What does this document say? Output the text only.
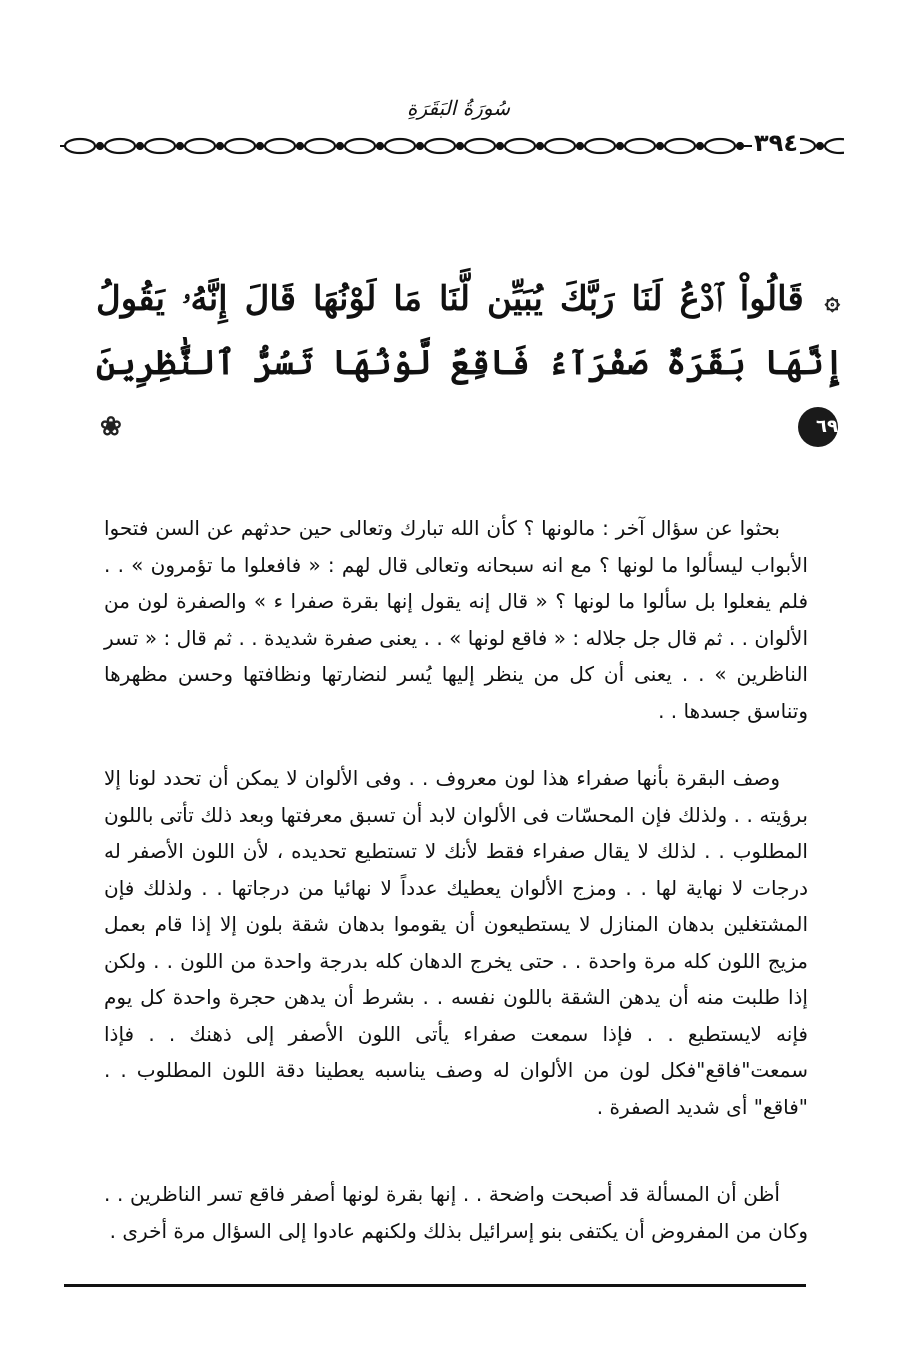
سُورَةُ البَقَرَةِ
٣٩٤
۞ قَالُواْ ٱدْعُ لَنَا رَبَّكَ يُبَيِّن لَّنَا مَا لَوْنُهَا قَالَ إِنَّهُۥ يَقُولُ
إِنَّهَا بَقَرَةٌ صَفْرَآءُ فَاقِعٌ لَّوْنُهَا تَسُرُّ ٱلنَّٰظِرِينَ ٦٩ ❀

بحثوا عن سؤال آخر : مالونها ؟ كأن الله تبارك وتعالى حين حدثهم عن السن فتحوا الأبواب ليسألوا ما لونها ؟ مع انه سبحانه وتعالى قال لهم : « فافعلوا ما تؤمرون » . . فلم يفعلوا بل سألوا ما لونها ؟ « قال إنه يقول إنها بقرة صفرا ء » والصفرة لون من الألوان . . ثم قال جل جلاله : « فاقع لونها » . . يعنى صفرة شديدة . . ثم قال : « تسر الناظرين » . . يعنى أن كل من ينظر إليها يُسر لنضارتها ونظافتها وحسن مظهرها وتناسق جسدها . .

وصف البقرة بأنها صفراء هذا لون معروف . . وفى الألوان لا يمكن أن تحدد لونا إلا برؤيته . . ولذلك فإن المحسّات فى الألوان لابد أن تسبق معرفتها وبعد ذلك تأتى باللون المطلوب . . لذلك لا يقال صفراء فقط لأنك لا تستطيع تحديده ، لأن اللون الأصفر له درجات لا نهاية لها . . ومزج الألوان يعطيك عدداً لا نهائيا من درجاتها . . ولذلك فإن المشتغلين بدهان المنازل لا يستطيعون أن يقوموا بدهان شقة بلون إلا إذا قام بعمل مزيج اللون كله مرة واحدة . . حتى يخرج الدهان كله بدرجة واحدة من اللون . . ولكن إذا طلبت منه أن يدهن الشقة باللون نفسه . . بشرط أن يدهن حجرة واحدة كل يوم فإنه لايستطيع . . فإذا سمعت صفراء يأتى اللون الأصفر إلى ذهنك . . فإذا سمعت"فاقع"فكل لون من الألوان له وصف يناسبه يعطينا دقة اللون المطلوب . . "فاقع" أى شديد الصفرة .

أظن أن المسألة قد أصبحت واضحة . . إنها بقرة لونها أصفر فاقع تسر الناظرين . . وكان من المفروض أن يكتفى بنو إسرائيل بذلك ولكنهم عادوا إلى السؤال مرة أخرى .
